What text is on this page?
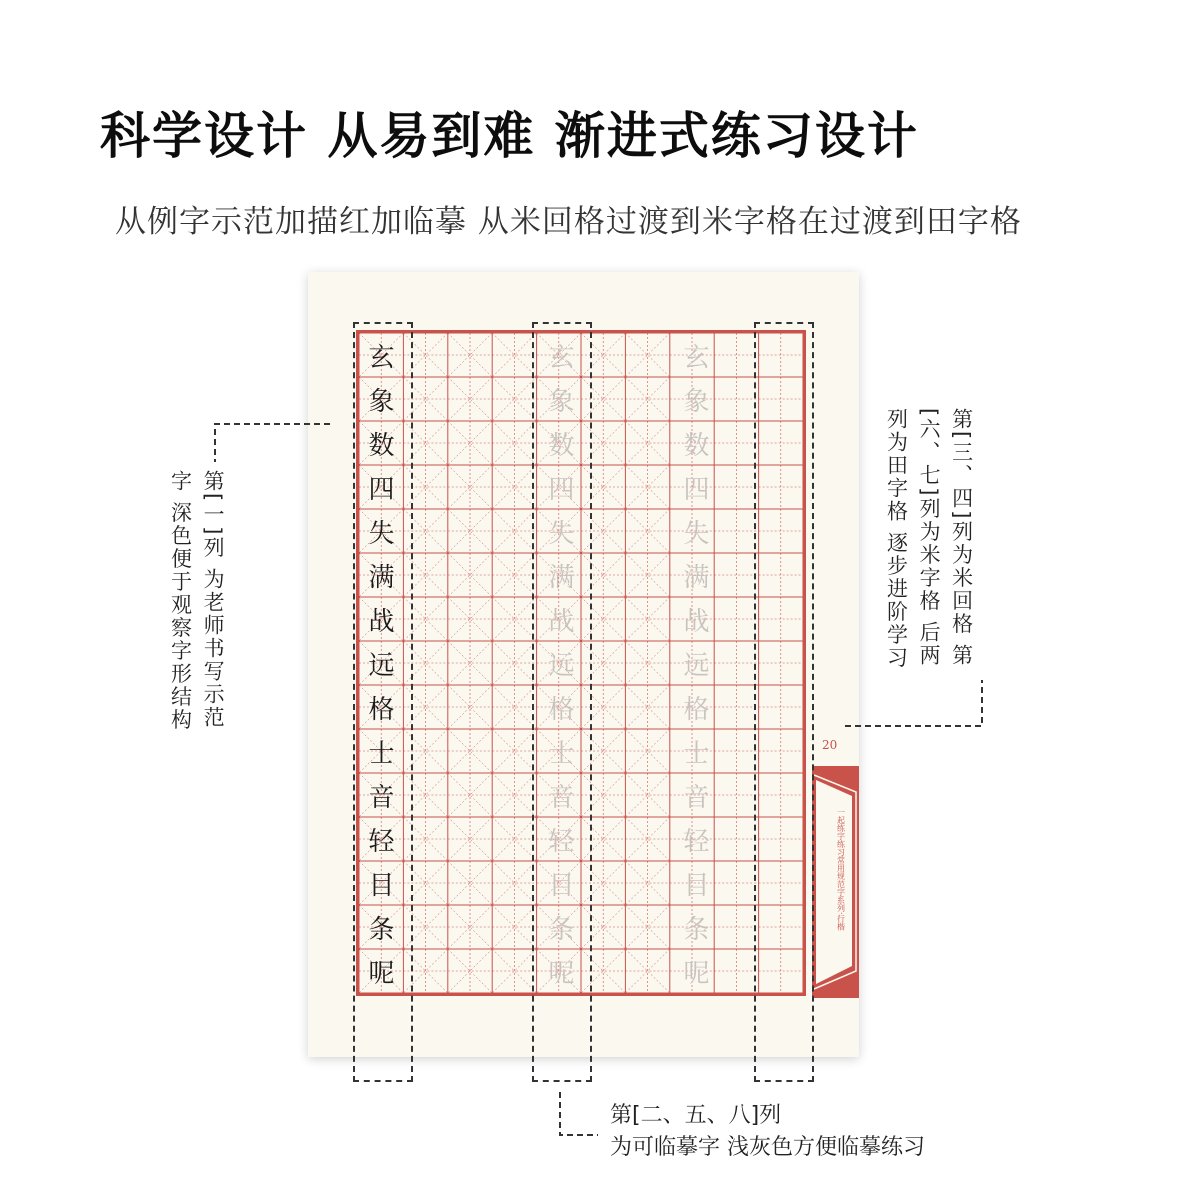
科学设计 从易到难 渐进式练习设计
从例字示范加描红加临摹 从米回格过渡到米字格在过渡到田字格
玄
象
数
四
失
满
战
远
格
士
音
轻
目
条
呢
玄
象
数
四
失
满
战
远
格
士
音
轻
目
条
呢
玄
象
数
四
失
满
战
远
格
士
音
轻
目
条
呢
20
一起练字练习常用规范字系列·行楷
第[一]列 为老师书写示范字 深色便于观察字形结构	第[三、四]列为米回格 第[六、七]列为米字格 后两列为田字格 逐步进阶学习
第[二、五、八]列
为可临摹字 浅灰色方便临摹练习
